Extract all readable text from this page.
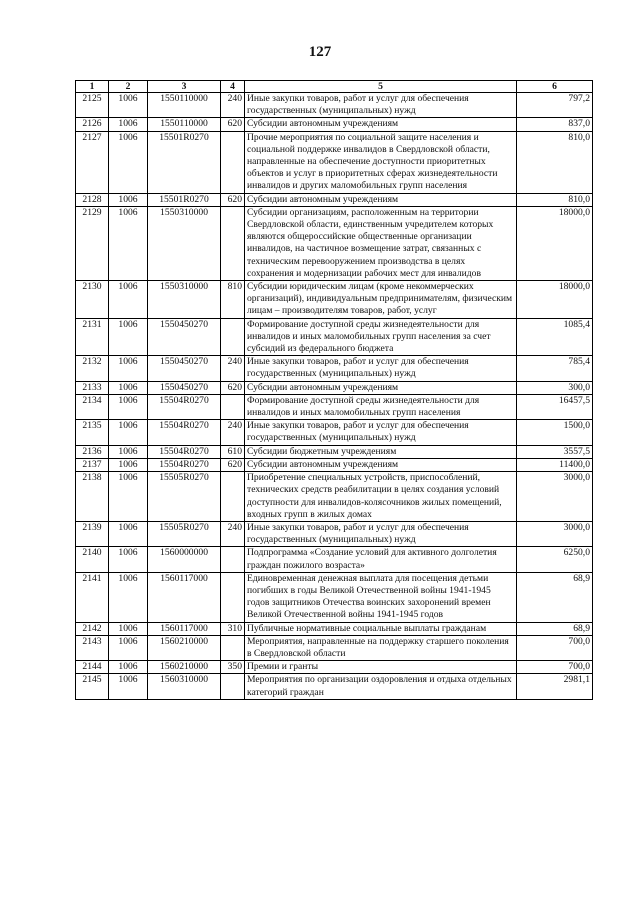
127
1	2	3	4	5	6
2125	1006	1550110000	240	Иные закупки товаров, работ и услуг для обеспечения государственных (муниципальных) нужд	797,2
2126	1006	1550110000	620	Субсидии автономным учреждениям	837,0
2127	1006	15501R0270		Прочие мероприятия по социальной защите населения и социальной поддержке инвалидов в Свердловской области, направленные на обеспечение доступности приоритетных объектов и услуг в приоритетных сферах жизнедеятельности инвалидов и других маломобильных групп населения	810,0
2128	1006	15501R0270	620	Субсидии автономным учреждениям	810,0
2129	1006	1550310000		Субсидии организациям, расположенным на территории Свердловской области, единственным учредителем которых являются общероссийские общественные организации инвалидов, на частичное возмещение затрат, связанных с техническим перевооружением производства в целях сохранения и модернизации рабочих мест для инвалидов	18000,0
2130	1006	1550310000	810	Субсидии юридическим лицам (кроме некоммерческих организаций), индивидуальным предпринимателям, физическим лицам – производителям товаров, работ, услуг	18000,0
2131	1006	1550450270		Формирование доступной среды жизнедеятельности для инвалидов и иных маломобильных групп населения за счет субсидий из федерального бюджета	1085,4
2132	1006	1550450270	240	Иные закупки товаров, работ и услуг для обеспечения государственных (муниципальных) нужд	785,4
2133	1006	1550450270	620	Субсидии автономным учреждениям	300,0
2134	1006	15504R0270		Формирование доступной среды жизнедеятельности для инвалидов и иных маломобильных групп населения	16457,5
2135	1006	15504R0270	240	Иные закупки товаров, работ и услуг для обеспечения государственных (муниципальных) нужд	1500,0
2136	1006	15504R0270	610	Субсидии бюджетным учреждениям	3557,5
2137	1006	15504R0270	620	Субсидии автономным учреждениям	11400,0
2138	1006	15505R0270		Приобретение специальных устройств, приспособлений, технических средств реабилитации в целях создания условий доступности для инвалидов-колясочников жилых помещений, входных групп в жилых домах	3000,0
2139	1006	15505R0270	240	Иные закупки товаров, работ и услуг для обеспечения государственных (муниципальных) нужд	3000,0
2140	1006	1560000000		Подпрограмма «Создание условий для активного долголетия граждан пожилого возраста»	6250,0
2141	1006	1560117000		Единовременная денежная выплата для посещения детьми погибших в годы Великой Отечественной войны 1941-1945 годов защитников Отечества воинских захоронений времен Великой Отечественной войны 1941-1945 годов	68,9
2142	1006	1560117000	310	Публичные нормативные социальные выплаты гражданам	68,9
2143	1006	1560210000		Мероприятия, направленные на поддержку старшего поколения в Свердловской области	700,0
2144	1006	1560210000	350	Премии и гранты	700,0
2145	1006	1560310000		Мероприятия по организации оздоровления и отдыха отдельных категорий граждан	2981,1
